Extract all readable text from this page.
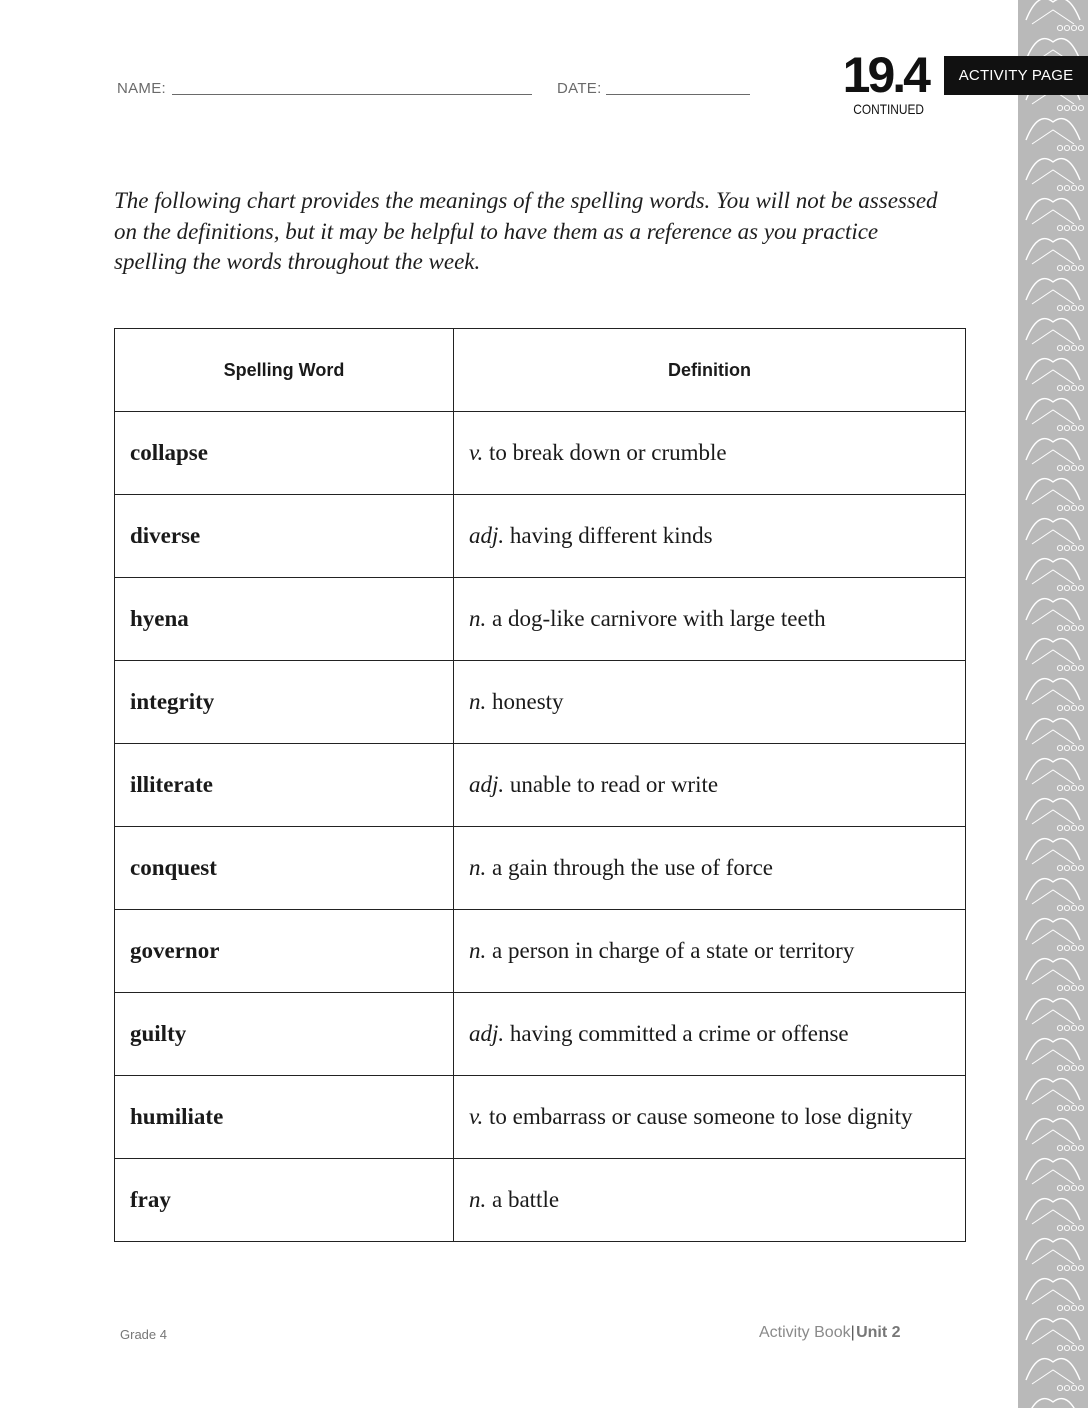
NAME:	DATE:	19.4
CONTINUED
ACTIVITY PAGE

The following chart provides the meanings of the spelling words. You will not be assessed on the definitions, but it may be helpful to have them as a reference as you practice spelling the words throughout the week.

Spelling Word	Definition
collapse	v. to break down or crumble
diverse	adj. having different kinds
hyena	n. a dog-like carnivore with large teeth
integrity	n. honesty
illiterate	adj. unable to read or write
conquest	n. a gain through the use of force
governor	n. a person in charge of a state or territory
guilty	adj. having committed a crime or offense
humiliate	v. to embarrass or cause someone to lose dignity
fray	n. a battle
Grade 4	Activity Book| Unit 2
